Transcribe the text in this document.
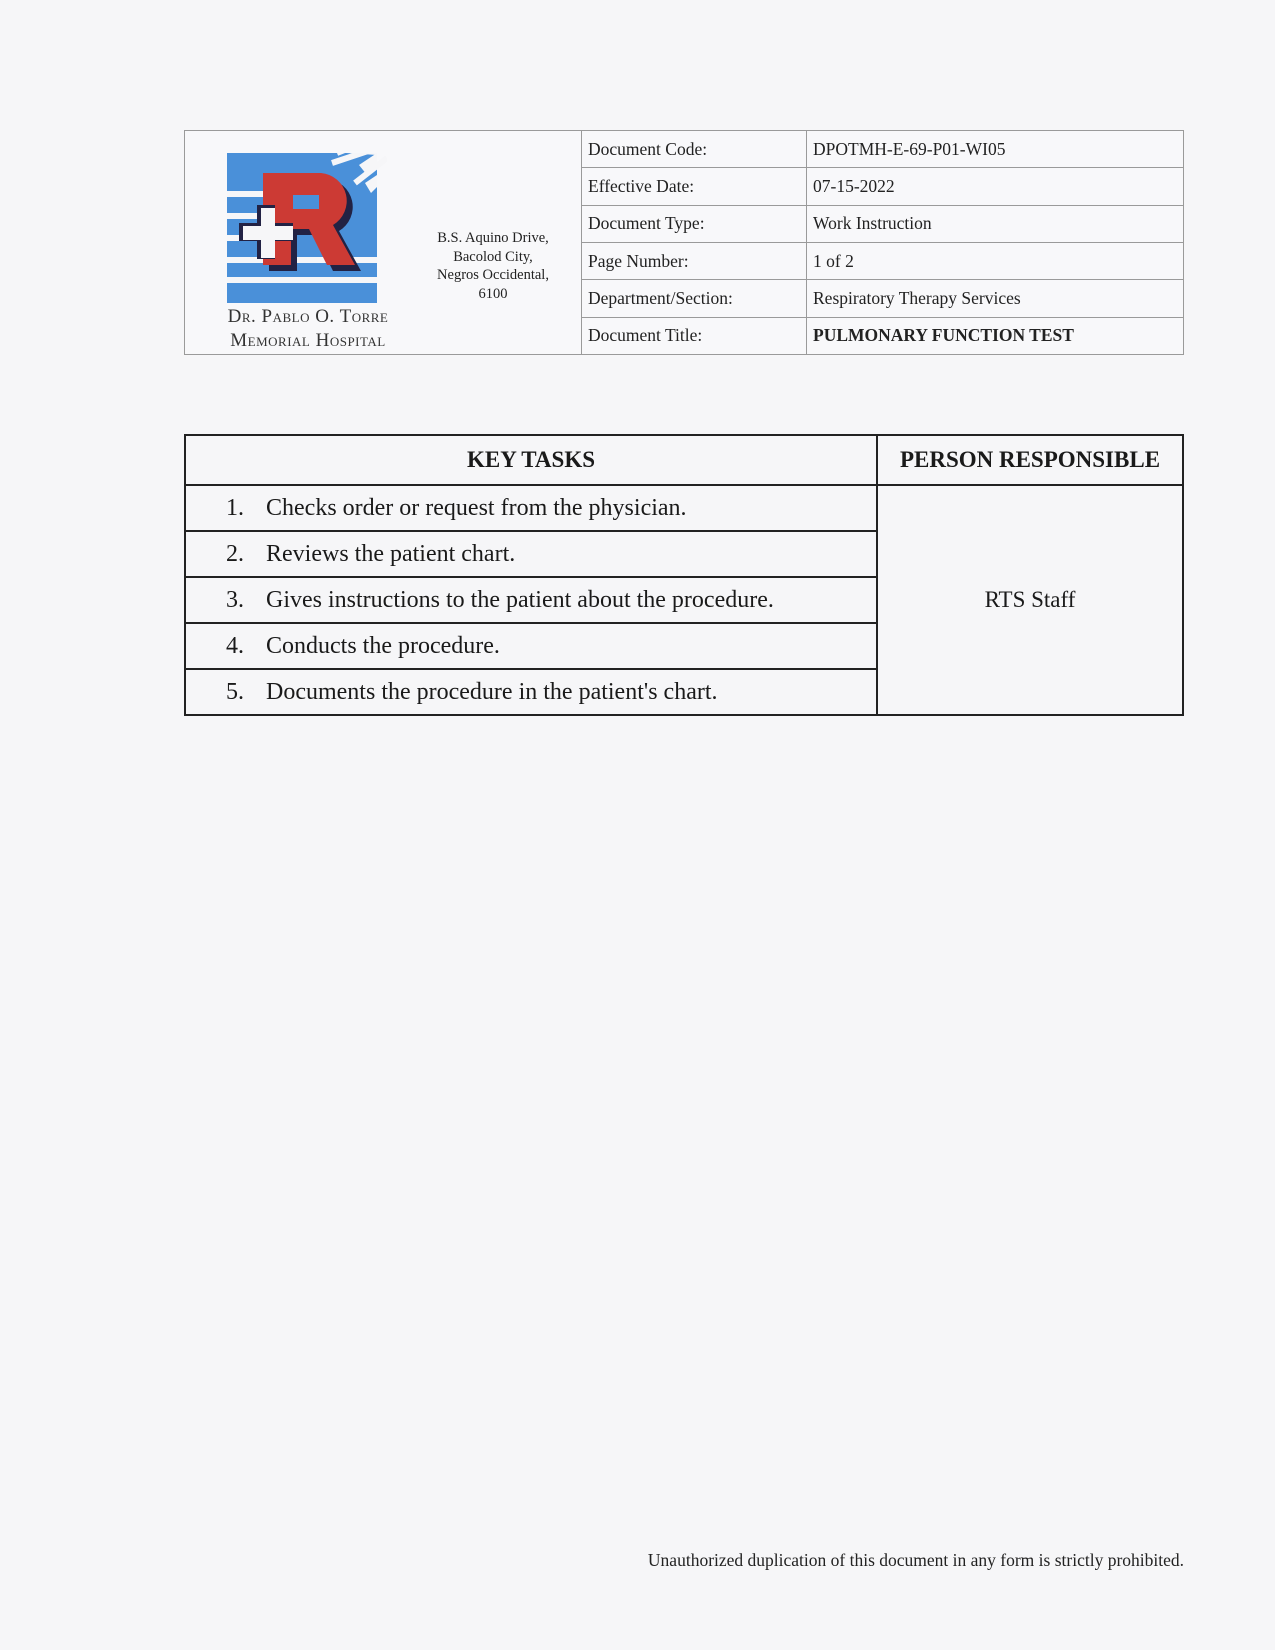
Dr. Pablo O. Torre
Memorial Hospital
B.S. Aquino Drive,
Bacolod City,
Negros Occidental,
6100
Document Code:	DPOTMH-E-69-P01-WI05
Effective Date:	07-15-2022
Document Type:	Work Instruction
Page Number:	1 of 2
Department/Section:	Respiratory Therapy Services
Document Title:	PULMONARY FUNCTION TEST
KEY TASKS	PERSON RESPONSIBLE
1. Checks order or request from the physician.	RTS Staff
2. Reviews the patient chart.	
3. Gives instructions to the patient about the procedure.	
4. Conducts the procedure.	
5. Documents the procedure in the patient's chart.	
Unauthorized duplication of this document in any form is strictly prohibited.
